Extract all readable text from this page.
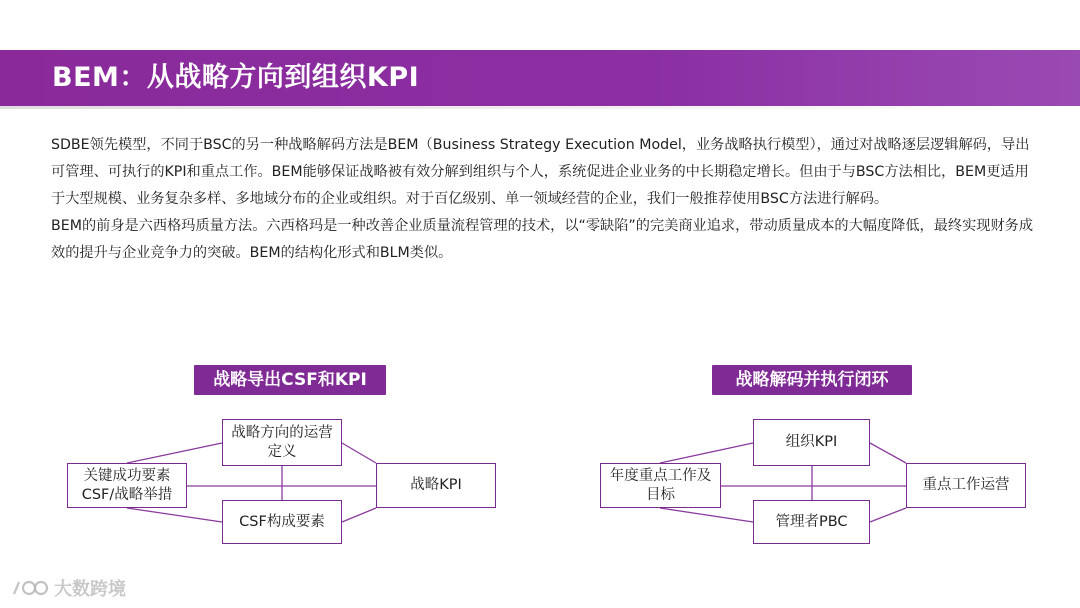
BEM：从战略方向到组织KPI

SDBE领先模型，不同于BSC的另一种战略解码方法是BEM（Business Strategy Execution Model，业务战略执行模型），通过对战略逐层逻辑解码，导出可管理、可执行的KPI和重点工作。BEM能够保证战略被有效分解到组织与个人，系统促进企业业务的中长期稳定增长。但由于与BSC方法相比，BEM更适用于大型规模、业务复杂多样、多地域分布的企业或组织。对于百亿级别、单一领域经营的企业，我们一般推荐使用BSC方法进行解码。

BEM的前身是六西格玛质量方法。六西格玛是一种改善企业质量流程管理的技术，以“零缺陷”的完美商业追求，带动质量成本的大幅度降低，最终实现财务成效的提升与企业竞争力的突破。BEM的结构化形式和BLM类似。

战略导出CSF和KPI
战略方向的运营定义
关键成功要素CSF/战略举措
战略KPI
CSF构成要素
战略解码并执行闭环
组织KPI
年度重点工作及目标
重点工作运营
管理者PBC
大数跨境
